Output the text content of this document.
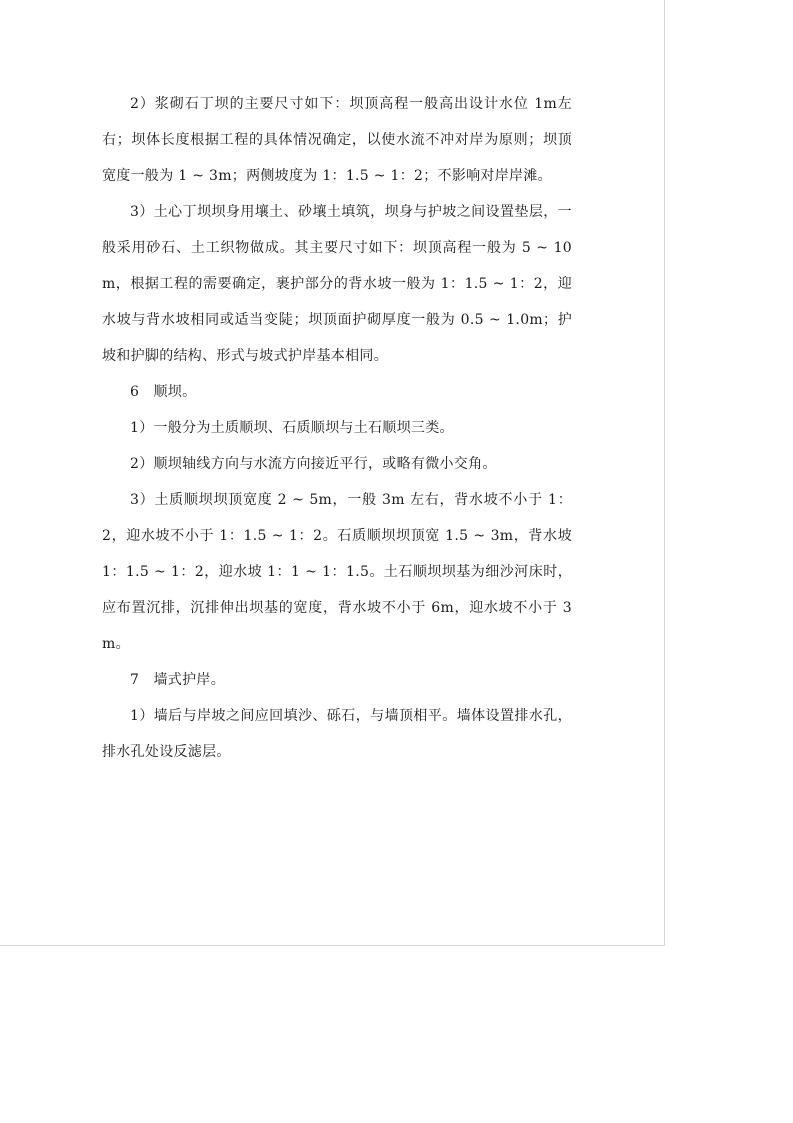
2）浆砌石丁坝的主要尺寸如下：坝顶高程一般高出设计水位 1m左右；坝体长度根据工程的具体情况确定，以使水流不冲对岸为原则；坝顶宽度一般为 1 ~ 3m；两侧坡度为 1：1.5 ~ 1：2；不影响对岸岸滩。

3）土心丁坝坝身用壤土、砂壤土填筑，坝身与护坡之间设置垫层，一般采用砂石、土工织物做成。其主要尺寸如下：坝顶高程一般为 5 ~ 10m，根据工程的需要确定，裹护部分的背水坡一般为 1：1.5 ~ 1：2，迎水坡与背水坡相同或适当变陡；坝顶面护砌厚度一般为 0.5 ~ 1.0m；护坡和护脚的结构、形式与坡式护岸基本相同。

6　顺坝。

1）一般分为土质顺坝、石质顺坝与土石顺坝三类。

2）顺坝轴线方向与水流方向接近平行，或略有微小交角。

3）土质顺坝坝顶宽度 2 ~ 5m，一般 3m 左右，背水坡不小于 1：2，迎水坡不小于 1：1.5 ~ 1：2。石质顺坝坝顶宽 1.5 ~ 3m，背水坡 1：1.5 ~ 1：2，迎水坡 1：1 ~ 1：1.5。土石顺坝坝基为细沙河床时，应布置沉排，沉排伸出坝基的宽度，背水坡不小于 6m，迎水坡不小于 3m。

7　墙式护岸。

1）墙后与岸坡之间应回填沙、砾石，与墙顶相平。墙体设置排水孔，排水孔处设反滤层。
